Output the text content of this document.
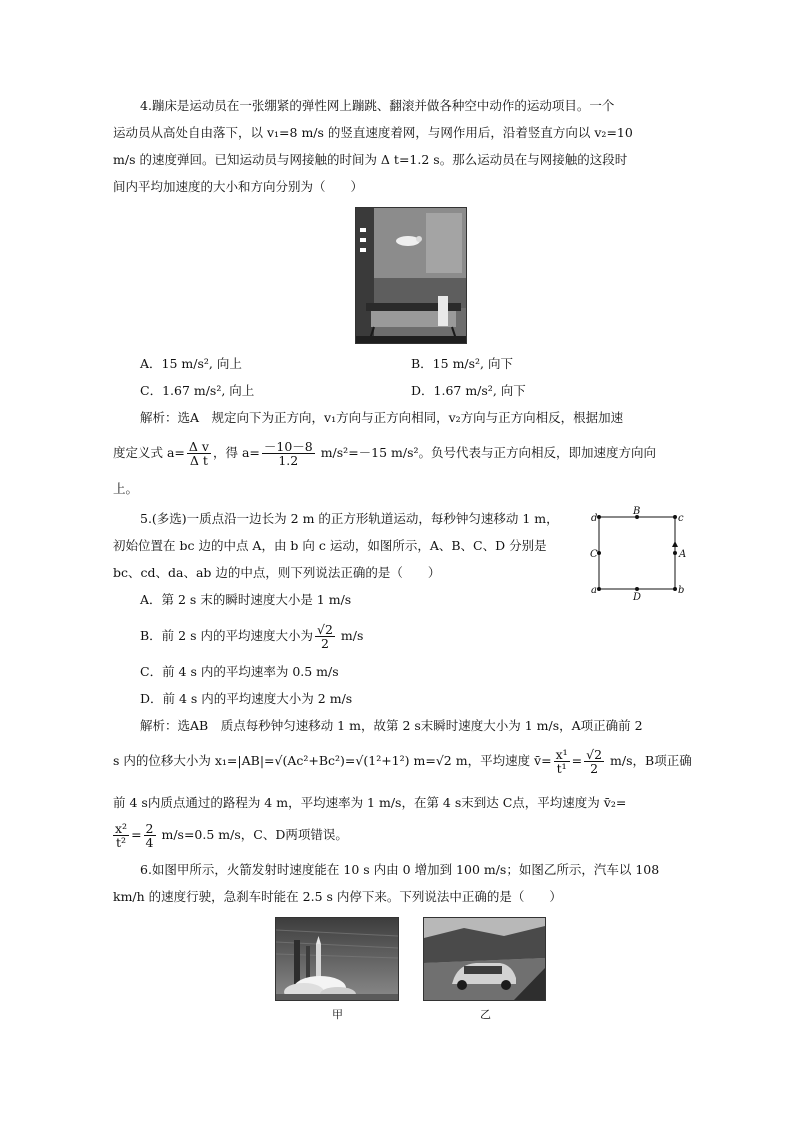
4.蹦床是运动员在一张绷紧的弹性网上蹦跳、翻滚并做各种空中动作的运动项目。一个
运动员从高处自由落下，以 v₁=8 m/s 的竖直速度着网，与网作用后，沿着竖直方向以 v₂=10
m/s 的速度弹回。已知运动员与网接触的时间为 Δ t=1.2 s。那么运动员在与网接触的这段时
间内平均加速度的大小和方向分别为（　　）
A．15 m/s², 向上	B．15 m/s², 向下
C．1.67 m/s², 向上	D．1.67 m/s², 向下
解析：选A　规定向下为正方向，v₁方向与正方向相同，v₂方向与正方向相反，根据加速
度定义式 $a= \frac{\text{Δ v}}{\text{Δ t}}$ ，得 $a= \frac{-10-8}{1.2} m/s^2=-15$ m/s²。负号代表与正方向相反，即加速度方向向
上。
5.(多选)一质点沿一边长为 2 m 的正方形轨道运动，每秒钟匀速移动 1 m，
初始位置在 bc 边的中点 A，由 b 向 c 运动，如图所示，A、B、C、D 分别是
bc、cd、da、ab 边的中点，则下列说法正确的是（　　）
d	c
a	b
B
A
C
D
A．第 2 s 末的瞬时速度大小是 1 m/s
B．前 2 s 内的平均速度大小为 $\frac{√2}{2} m/s$
C．前 4 s 内的平均速率为 0.5 m/s
D．前 4 s 内的平均速度大小为 2 m/s
解析：选AB　质点每秒钟匀速移动 1 m，故第 2 s末瞬时速度大小为 1 m/s，A项正确前 2
s 内的位移大小为 x₁=|AB|=√(Ac²+Bc²)=√(1²+1²) m=√2 m，平均速度 v̄= $\frac{\text{x¹}}{\text{t¹}} = \frac{√2}{2} m/s$，B项正确
前 4 s内质点通过的路程为 4 m，平均速率为 1 m/s，在第 4 s末到达 C点，平均速度为 v̄₂=
$\frac{\text{x²}}{\text{t²}} = \frac{2}{4} m/s=0.5$ m/s，C、D两项错误。
6.如图甲所示，火箭发射时速度能在 10 s 内由 0 增加到 100 m/s；如图乙所示，汽车以 108
km/h 的速度行驶，急刹车时能在 2.5 s 内停下来。下列说法中正确的是（　　）
甲	乙
